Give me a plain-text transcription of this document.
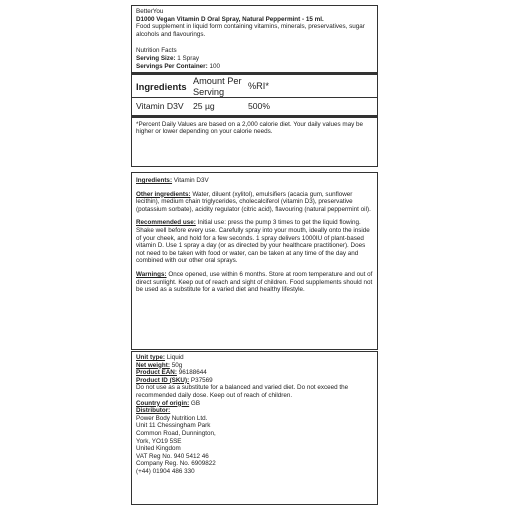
BetterYou

D1000 Vegan Vitamin D Oral Spray, Natural Peppermint - 15 ml.

Food supplement in liquid form containing vitamins, minerals, preservatives, sugar alcohols and flavourings.

Nutrition Facts

Serving Size: 1 Spray

Servings Per Container: 100

Ingredients
Amount Per Serving
%RI*
Vitamin D3V	25 µg	500%

*Percent Daily Values are based on a 2,000 calorie diet. Your daily values may be higher or lower depending on your calorie needs.

Ingredients: Vitamin D3V

Other ingredients: Water, diluent (xylitol), emulsifiers (acacia gum, sunflower lecithin), medium chain triglycerides, cholecalciferol (vitamin D3), preservative (potassium sorbate), acidity regulator (citric acid), flavouring (natural peppermint oil).

Recommended use: Initial use: press the pump 3 times to get the liquid flowing. Shake well before every use. Carefully spray into your mouth, ideally onto the inside of your cheek, and hold for a few seconds. 1 spray delivers 1000IU of plant-based vitamin D. Use 1 spray a day (or as directed by your healthcare practitioner). Does not need to be taken with food or water, can be taken at any time of the day and combined with our other oral sprays.

Warnings: Once opened, use within 6 months. Store at room temperature and out of direct sunlight. Keep out of reach and sight of children. Food supplements should not be used as a substitute for a varied diet and healthy lifestyle.

Unit type: Liquid

Net weight: 50g

Product EAN: 96188644

Product ID (SKU): P37569

Do not use as a substitute for a balanced and varied diet. Do not exceed the recommended daily dose. Keep out of reach of children.

Country of origin: GB

Distributor:

Power Body Nutrition Ltd.

Unit 11 Chessingham Park

Common Road, Dunnington,

York, YO19 5SE

United Kingdom

VAT Reg No. 940 5412 46

Company Reg. No. 6909822

(+44) 01904 486 330
